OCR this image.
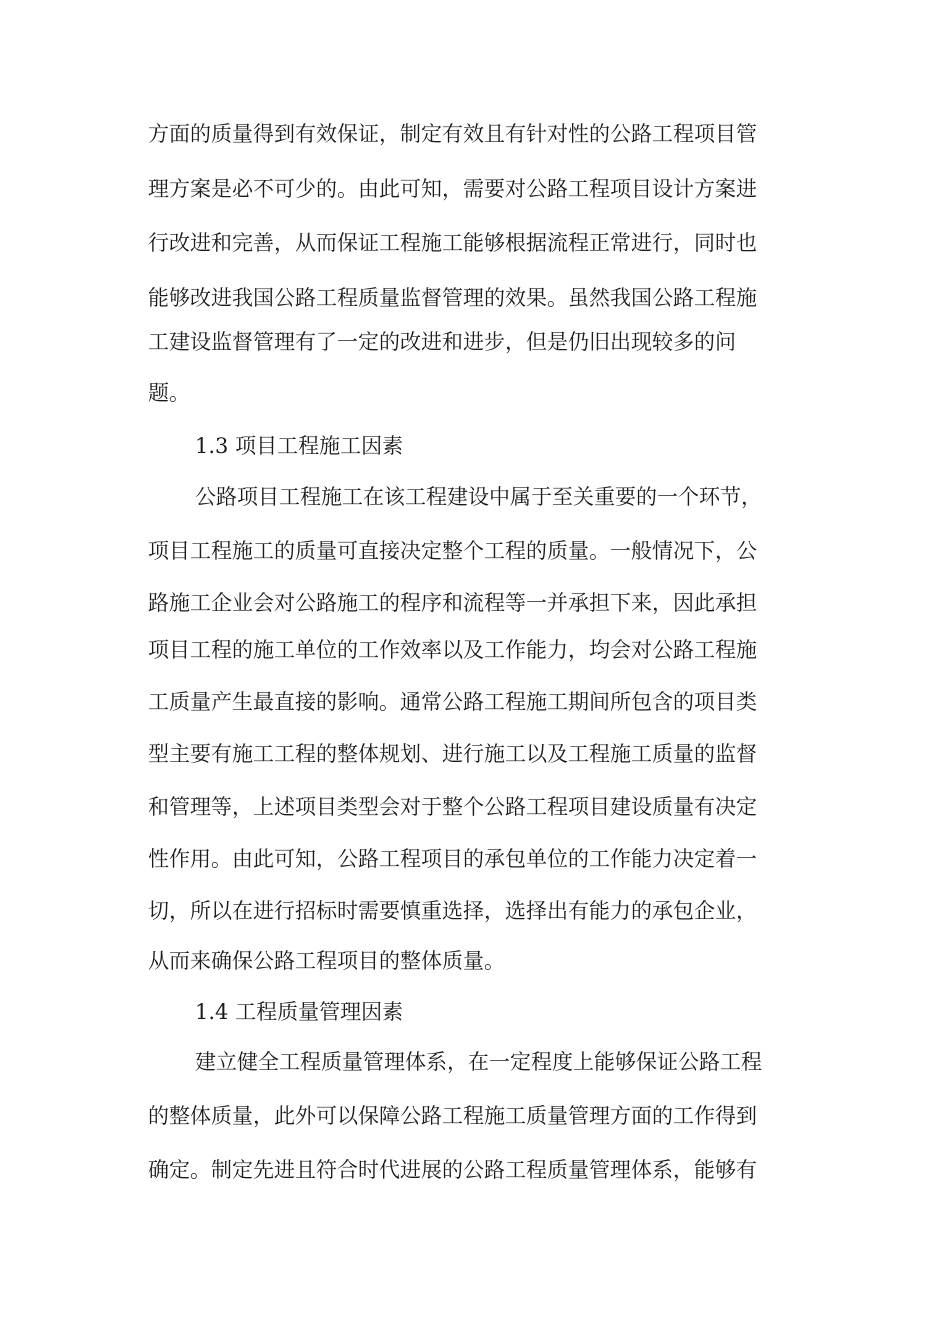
方面的质量得到有效保证，制定有效且有针对性的公路工程项目管
理方案是必不可少的。由此可知，需要对公路工程项目设计方案进
行改进和完善，从而保证工程施工能够根据流程正常进行，同时也
能够改进我国公路工程质量监督管理的效果。虽然我国公路工程施
工建设监督管理有了一定的改进和进步，但是仍旧出现较多的问
题。
1.3 项目工程施工因素
公路项目工程施工在该工程建设中属于至关重要的一个环节，
项目工程施工的质量可直接决定整个工程的质量。一般情况下，公
路施工企业会对公路施工的程序和流程等一并承担下来，因此承担
项目工程的施工单位的工作效率以及工作能力，均会对公路工程施
工质量产生最直接的影响。通常公路工程施工期间所包含的项目类
型主要有施工工程的整体规划、进行施工以及工程施工质量的监督
和管理等，上述项目类型会对于整个公路工程项目建设质量有决定
性作用。由此可知，公路工程项目的承包单位的工作能力决定着一
切，所以在进行招标时需要慎重选择，选择出有能力的承包企业，
从而来确保公路工程项目的整体质量。
1.4 工程质量管理因素
建立健全工程质量管理体系，在一定程度上能够保证公路工程
的整体质量，此外可以保障公路工程施工质量管理方面的工作得到
确定。制定先进且符合时代进展的公路工程质量管理体系，能够有
